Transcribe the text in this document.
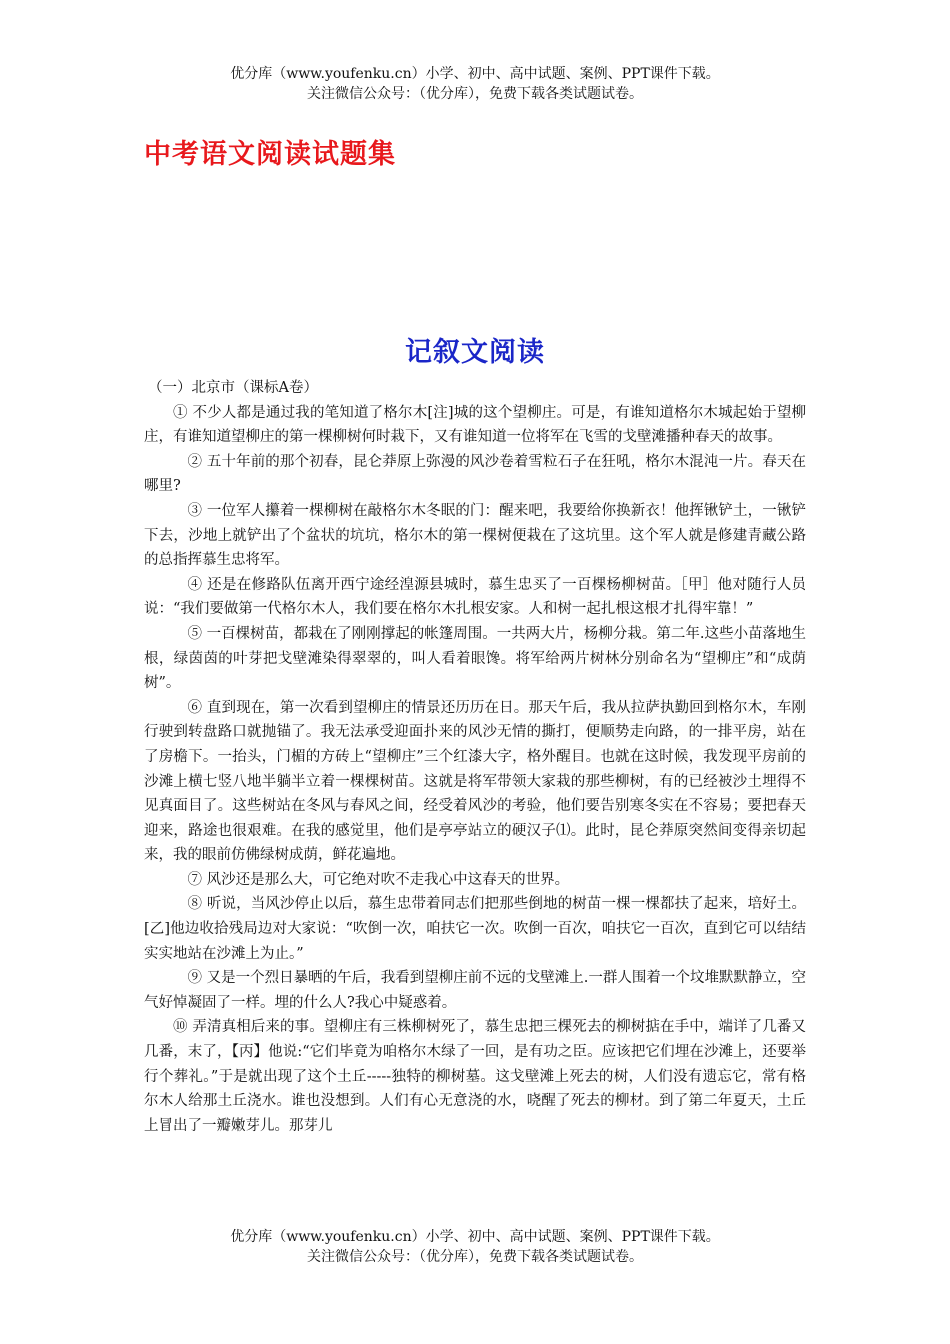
优分库（www.youfenku.cn）小学、初中、高中试题、案例、PPT课件下载。
关注微信公众号：（优分库），免费下载各类试题试卷。
中考语文阅读试题集
记叙文阅读

（一）北京市（课标A卷）

① 不少人都是通过我的笔知道了格尔木[注]城的这个望柳庄。可是，有谁知道格尔木城起始于望柳庄，有谁知道望柳庄的第一棵柳树何时栽下，又有谁知道一位将军在飞雪的戈壁滩播种春天的故事。

② 五十年前的那个初春，昆仑莽原上弥漫的风沙卷着雪粒石子在狂吼，格尔木混沌一片。春天在哪里?

③ 一位军人攥着一棵柳树在敲格尔木冬眠的门：醒来吧，我要给你换新衣！他挥锹铲土，一锹铲下去，沙地上就铲出了个盆状的坑坑，格尔木的第一棵树便栽在了这坑里。这个军人就是修建青藏公路的总指挥慕生忠将军。

④ 还是在修路队伍离开西宁途经湟源县城时，慕生忠买了一百棵杨柳树苗。［甲］他对随行人员说：“我们要做第一代格尔木人，我们要在格尔木扎根安家。人和树一起扎根这根才扎得牢靠！”

⑤ 一百棵树苗，都栽在了刚刚撑起的帐篷周围。一共两大片，杨柳分栽。第二年.这些小苗落地生根，绿茵茵的叶芽把戈壁滩染得翠翠的，叫人看着眼馋。将军给两片树林分别命名为“望柳庄”和“成荫树”。

⑥ 直到现在，第一次看到望柳庄的情景还历历在日。那天午后，我从拉萨执勤回到格尔木，车刚行驶到转盘路口就抛锚了。我无法承受迎面扑来的风沙无情的撕打，便顺势走向路，的一排平房，站在了房檐下。一抬头，门楣的方砖上“望柳庄”三个红漆大字，格外醒目。也就在这时候，我发现平房前的沙滩上横七竖八地半躺半立着一棵棵树苗。这就是将军带领大家栽的那些柳树，有的已经被沙土埋得不见真面目了。这些树站在冬风与春风之间，经受着风沙的考验，他们要告别寒冬实在不容易；要把春天迎来，路途也很艰难。在我的感觉里，他们是亭亭站立的硬汉子⑴。此时，昆仑莽原突然间变得亲切起来，我的眼前仿佛绿树成荫，鲜花遍地。

⑦ 风沙还是那么大，可它绝对吹不走我心中这春天的世界。

⑧ 听说，当风沙停止以后，慕生忠带着同志们把那些倒地的树苗一棵一棵都扶了起来，培好土。[乙]他边收拾残局边对大家说：“吹倒一次，咱扶它一次。吹倒一百次，咱扶它一百次，直到它可以结结实实地站在沙滩上为止。”

⑨ 又是一个烈日暴晒的午后，我看到望柳庄前不远的戈壁滩上.一群人围着一个坟堆默默静立，空气好悼凝固了一样。埋的什么人?我心中疑惑着。

⑩ 弄清真相后来的事。望柳庄有三株柳树死了，慕生忠把三棵死去的柳树掂在手中，端详了几番又几番，末了，【丙】他说:“它们毕竟为咱格尔木绿了一回，是有功之臣。应该把它们埋在沙滩上，还要举行个葬礼。”于是就出现了这个土丘-----独特的柳树墓。这戈壁滩上死去的树，人们没有遗忘它，常有格尔木人给那土丘浇水。谁也没想到。人们有心无意浇的水，哓醒了死去的柳材。到了第二年夏天，土丘上冒出了一瓣嫩芽儿。那芽儿

优分库（www.youfenku.cn）小学、初中、高中试题、案例、PPT课件下载。
关注微信公众号：（优分库），免费下载各类试题试卷。
